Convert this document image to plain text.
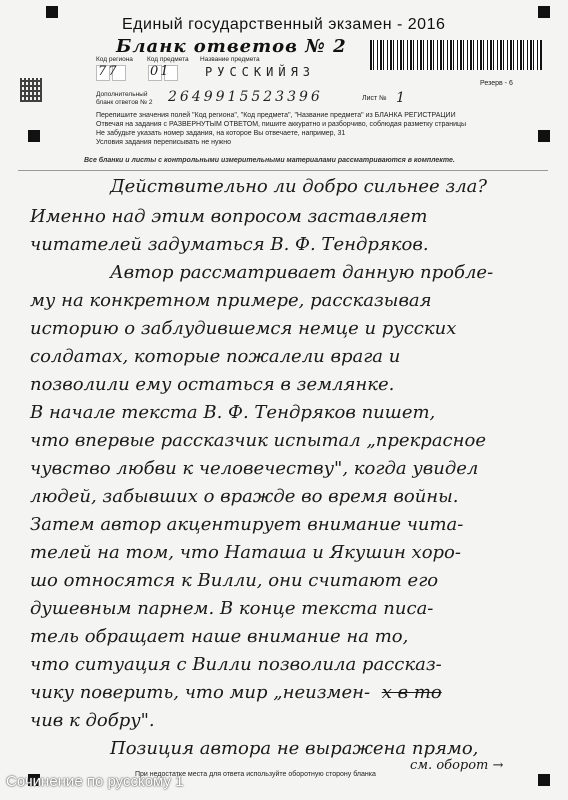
Единый государственный экзамен - 2016
Бланк ответов № 2
Код региона Код предмета Название предмета
77 01	РУССКИЙЯЗ
Резерв - 6
Дополнительный бланк ответов № 2	2649915523396	Лист № 1
Перепишите значения полей "Код региона", "Код предмета", "Название предмета" из БЛАНКА РЕГИСТРАЦИИ
Отвечая на задания с РАЗВЕРНУТЫМ ОТВЕТОМ, пишите аккуратно и разборчиво, соблюдая разметку страницы
Не забудьте указать номер задания, на которое Вы отвечаете, например, 31
Условия задания переписывать не нужно
Все бланки и листы с контрольными измерительными материалами рассматриваются в комплекте.
Действительно ли добро сильнее зла?
Именно над этим вопросом заставляет
читателей задуматься В. Ф. Тендряков.
Автор рассматривает данную пробле-
му на конкретном примере, рассказывая
историю о заблудившемся немце и русских
солдатах, которые пожалели врага и
позволили ему остаться в землянке.
В начале текста В. Ф. Тендряков пишет,
что впервые рассказчик испытал „прекрасное
чувство любви к человечеству", когда увидел
людей, забывших о вражде во время войны.
Затем автор акцентирует внимание чита-
телей на том, что Наташа и Якушин хоро-
шо относятся к Вилли, они считают его
душевным парнем. В конце текста писа-
тель обращает наше внимание на то,
что ситуация с Вилли позволила рассказ-
чику поверить, что мир „неизмен- х в то
чив к добру".
Позиция автора не выражена прямо,
см. оборот →
При недостатке места для ответа используйте оборотную сторону бланка
Сочинение по русскому 1
